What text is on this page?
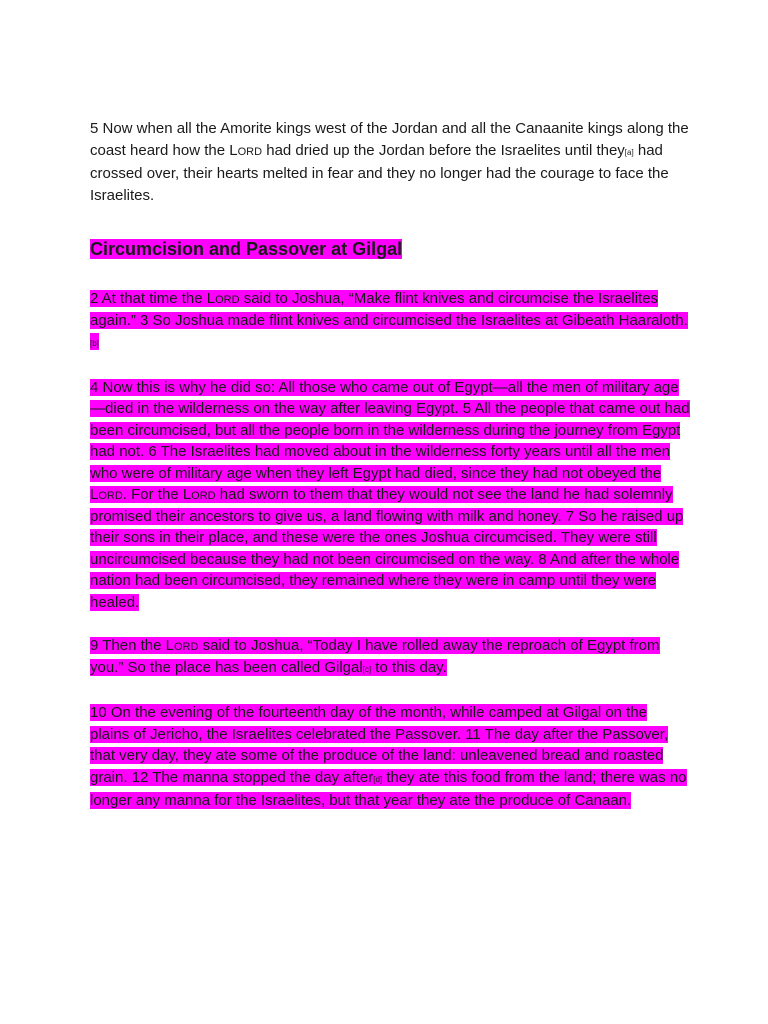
5 Now when all the Amorite kings west of the Jordan and all the Canaanite kings along the coast heard how the Lord had dried up the Jordan before the Israelites until they[a] had crossed over, their hearts melted in fear and they no longer had the courage to face the Israelites.

Circumcision and Passover at Gilgal

2 At that time the Lord said to Joshua, “Make flint knives and circumcise the Israelites again.” 3 So Joshua made flint knives and circumcised the Israelites at Gibeath Haaraloth.[b]

4 Now this is why he did so: All those who came out of Egypt—all the men of military age—died in the wilderness on the way after leaving Egypt. 5 All the people that came out had been circumcised, but all the people born in the wilderness during the journey from Egypt had not. 6 The Israelites had moved about in the wilderness forty years until all the men who were of military age when they left Egypt had died, since they had not obeyed the Lord. For the Lord had sworn to them that they would not see the land he had solemnly promised their ancestors to give us, a land flowing with milk and honey. 7 So he raised up their sons in their place, and these were the ones Joshua circumcised. They were still uncircumcised because they had not been circumcised on the way. 8 And after the whole nation had been circumcised, they remained where they were in camp until they were healed.

9 Then the Lord said to Joshua, “Today I have rolled away the reproach of Egypt from you.” So the place has been called Gilgal[c] to this day.

10 On the evening of the fourteenth day of the month, while camped at Gilgal on the plains of Jericho, the Israelites celebrated the Passover. 11 The day after the Passover, that very day, they ate some of the produce of the land: unleavened bread and roasted grain. 12 The manna stopped the day after[d] they ate this food from the land; there was no longer any manna for the Israelites, but that year they ate the produce of Canaan.
